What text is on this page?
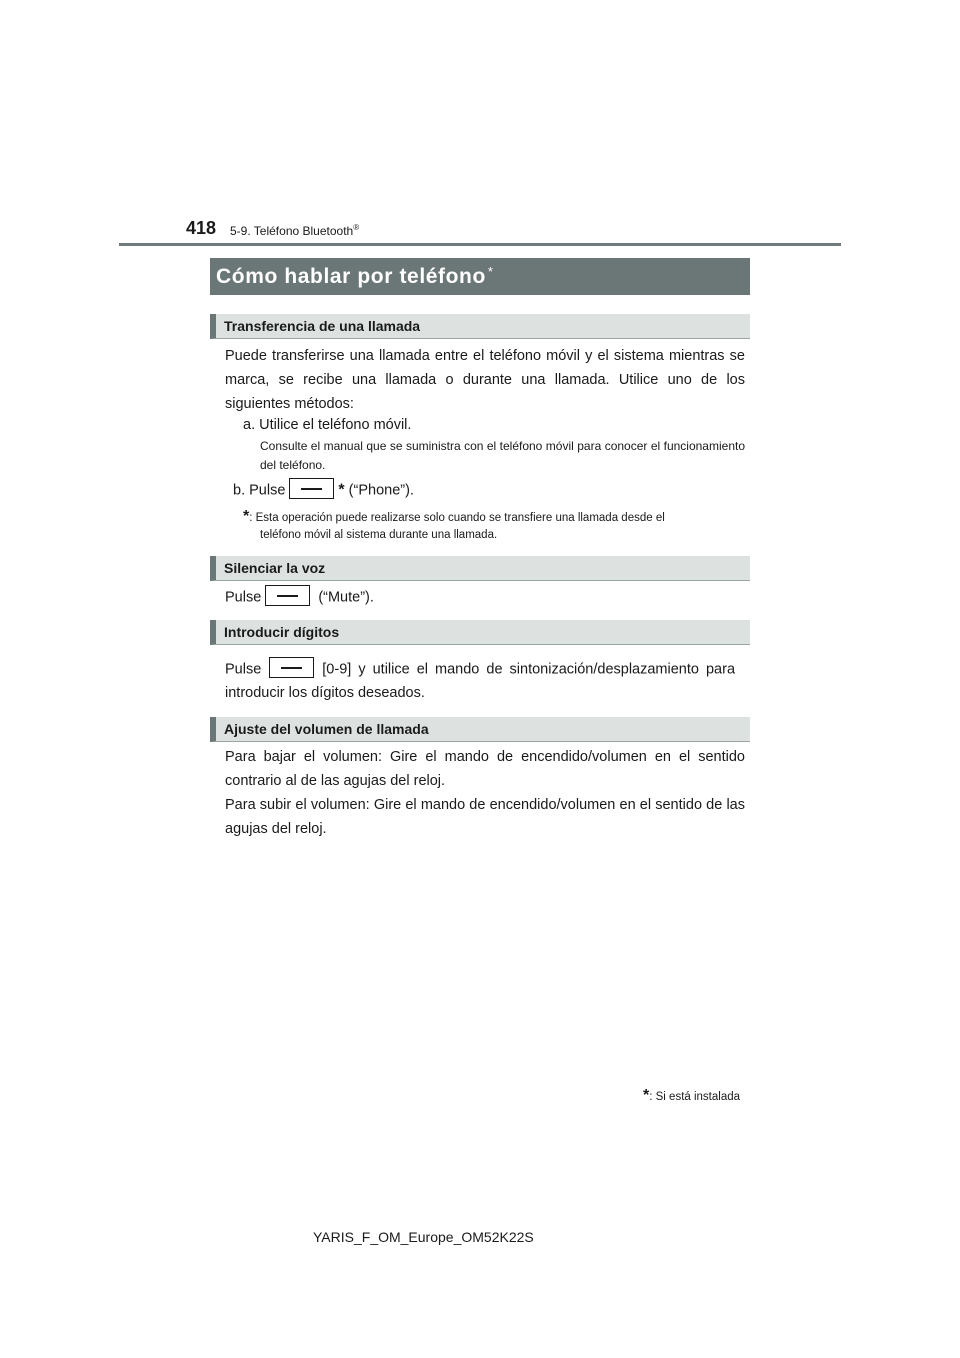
418 5-9. Teléfono Bluetooth®
Cómo hablar por teléfono *
Transferencia de una llamada
Puede transferirse una llamada entre el teléfono móvil y el sistema mientras se marca, se recibe una llamada o durante una llamada. Utilice uno de los siguientes métodos:
a. Utilice el teléfono móvil.
Consulte el manual que se suministra con el teléfono móvil para conocer el funcionamiento del teléfono.
b. Pulse	* (“Phone”).
*: Esta operación puede realizarse solo cuando se transfiere una llamada desde el
teléfono móvil al sistema durante una llamada.
Silenciar la voz
Pulse	(“Mute”).
Introducir dígitos
Pulse	[0-9] y utilice el mando de sintonización/desplazamiento para
introducir los dígitos deseados.
Ajuste del volumen de llamada
Para bajar el volumen: Gire el mando de encendido/volumen en el sentido contrario al de las agujas del reloj.
Para subir el volumen: Gire el mando de encendido/volumen en el sentido de las agujas del reloj.
*: Si está instalada
YARIS_F_OM_Europe_OM52K22S
